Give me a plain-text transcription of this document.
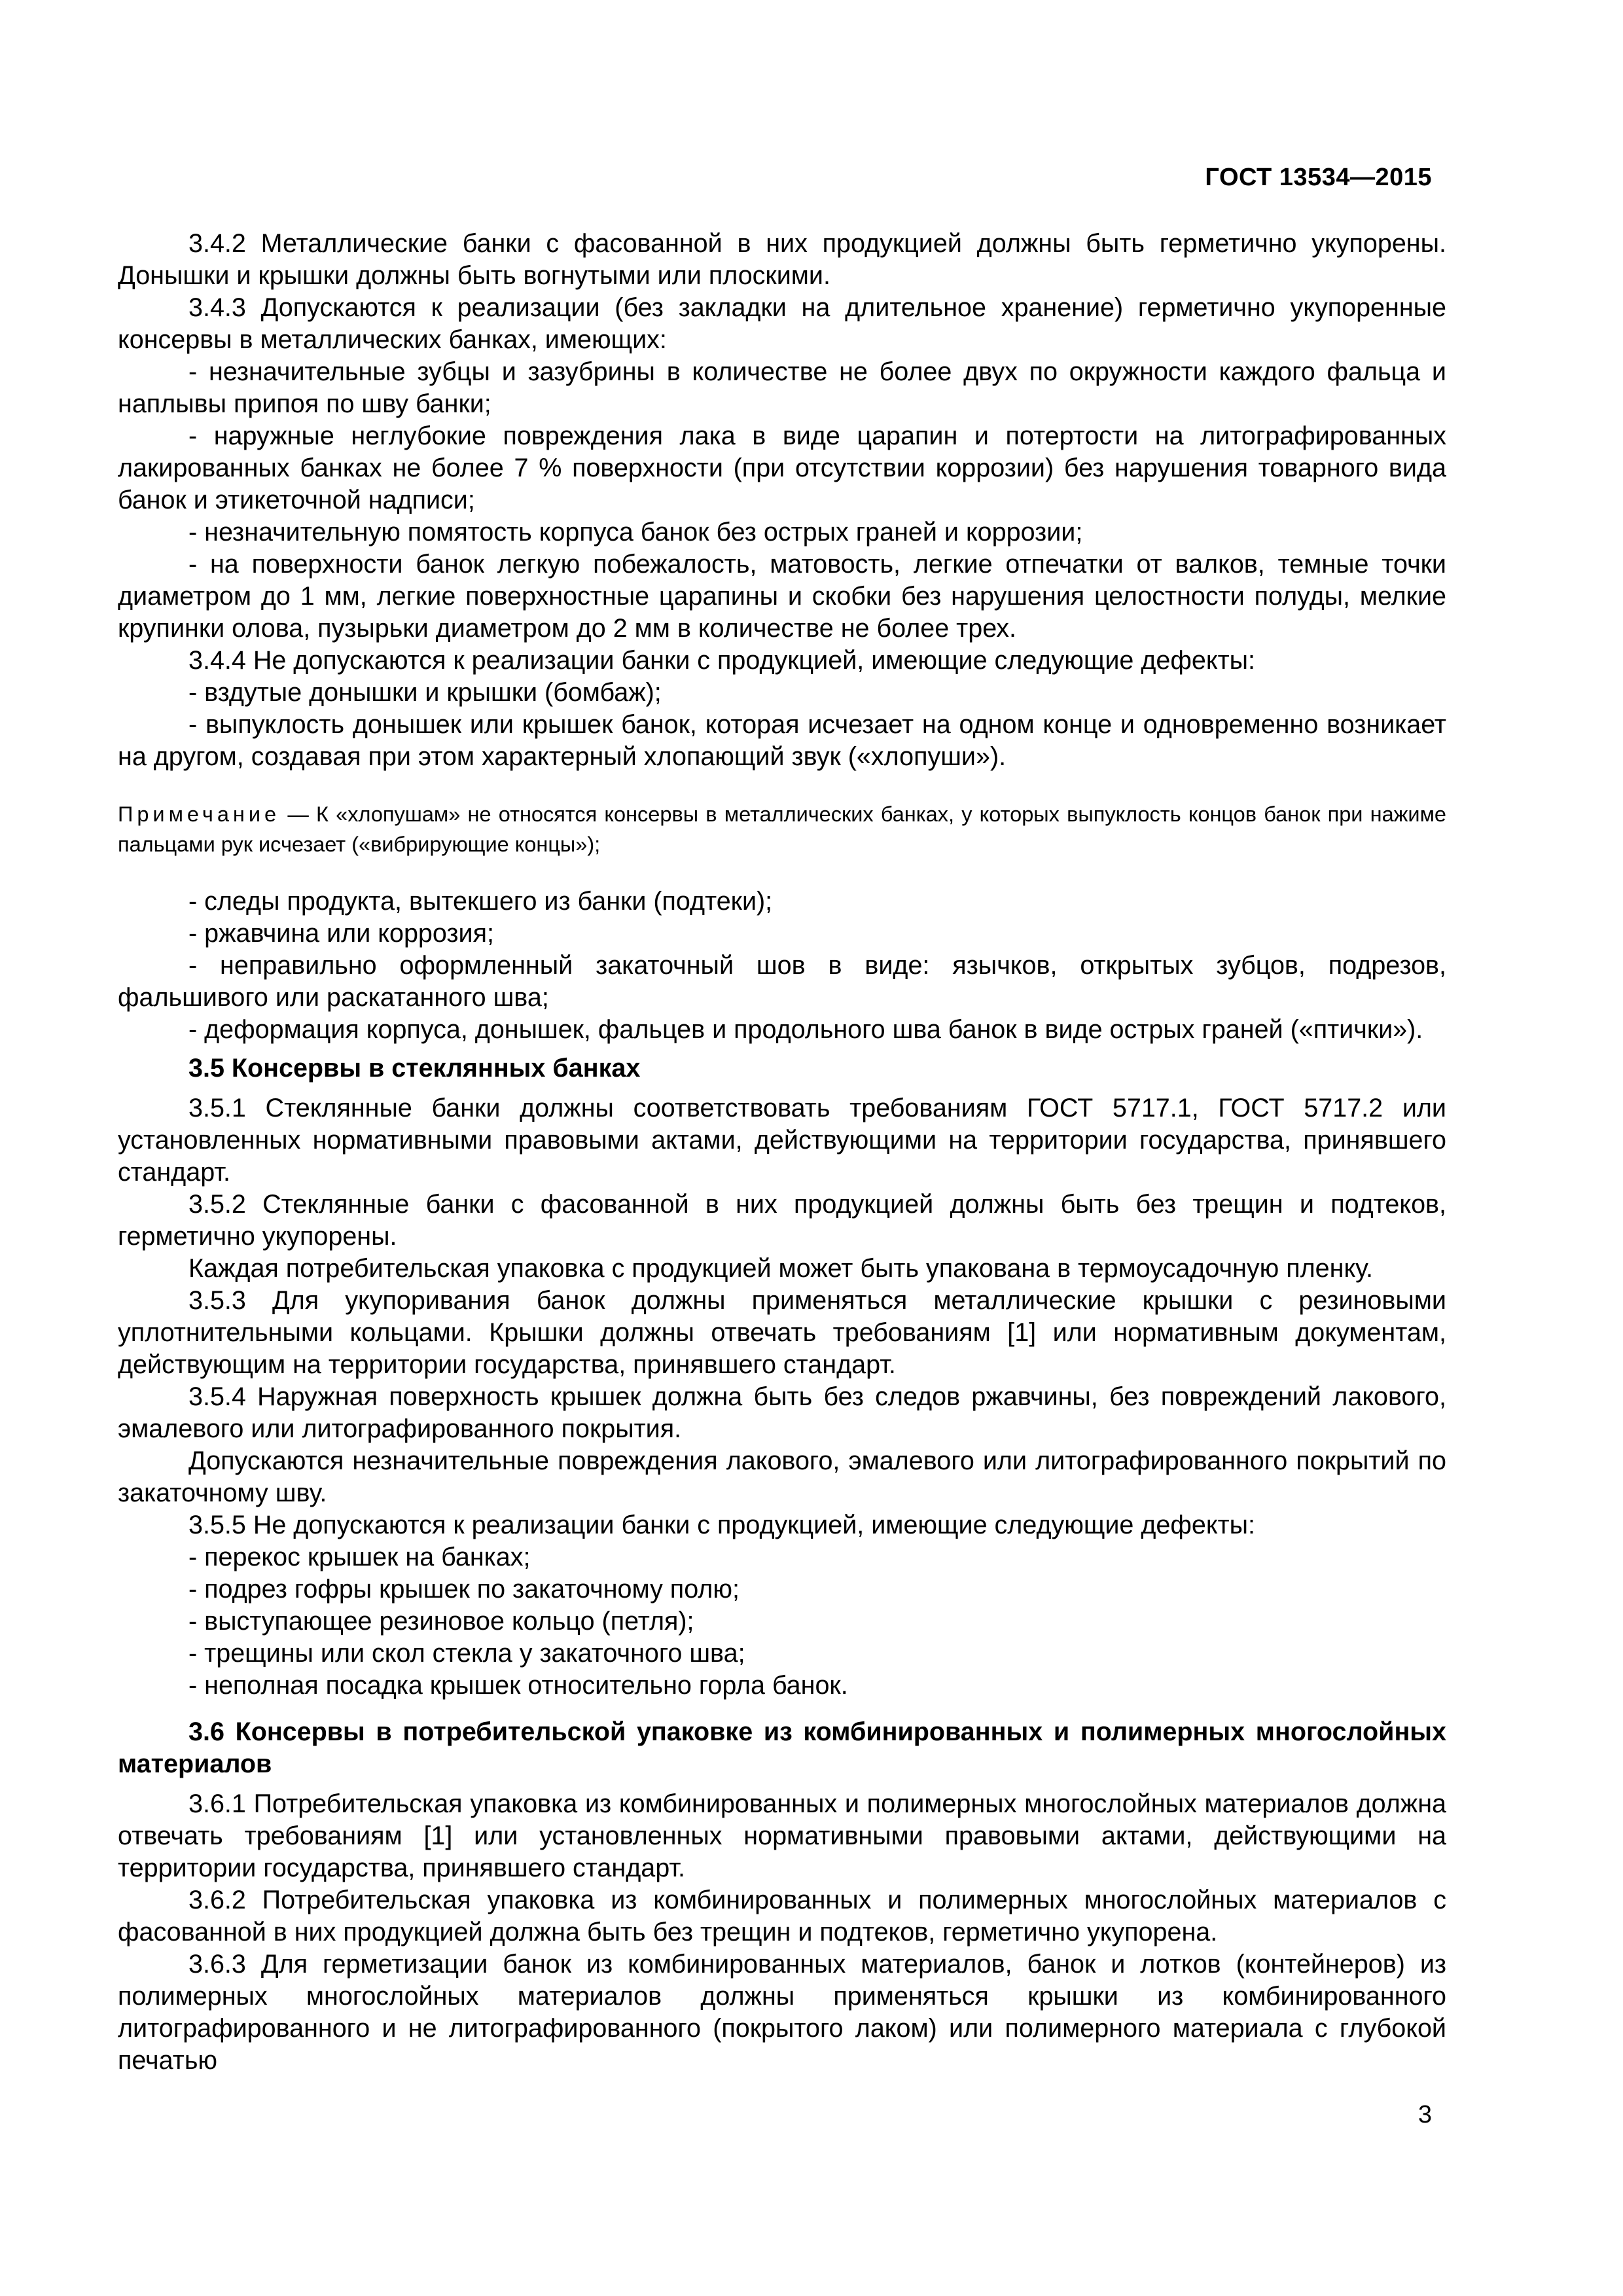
ГОСТ 13534—2015

3.4.2 Металлические банки с фасованной в них продукцией должны быть герметично укупорены. Донышки и крышки должны быть вогнутыми или плоскими.

3.4.3 Допускаются к реализации (без закладки на длительное хранение) герметично укупоренные консервы в металлических банках, имеющих:

- незначительные зубцы и зазубрины в количестве не более двух по окружности каждого фальца и наплывы припоя по шву банки;

- наружные неглубокие повреждения лака в виде царапин и потертости на литографированных лакированных банках не более 7 % поверхности (при отсутствии коррозии) без нарушения товарного вида банок и этикеточной надписи;

- незначительную помятость корпуса банок без острых граней и коррозии;

- на поверхности банок легкую побежалость, матовость, легкие отпечатки от валков, темные точки диаметром до 1 мм, легкие поверхностные царапины и скобки без нарушения целостности полуды, мелкие крупинки олова, пузырьки диаметром до 2 мм в количестве не более трех.

3.4.4 Не допускаются к реализации банки с продукцией, имеющие следующие дефекты:

- вздутые донышки и крышки (бомбаж);

- выпуклость донышек или крышек банок, которая исчезает на одном конце и одновременно возникает на другом, создавая при этом характерный хлопающий звук («хлопуши»).

Примечание — К «хлопушам» не относятся консервы в металлических банках, у которых выпуклость концов банок при нажиме пальцами рук исчезает («вибрирующие концы»);

- следы продукта, вытекшего из банки (подтеки);

- ржавчина или коррозия;

- неправильно оформленный закаточный шов в виде: язычков, открытых зубцов, подрезов, фальшивого или раскатанного шва;

- деформация корпуса, донышек, фальцев и продольного шва банок в виде острых граней («птички»).

3.5 Консервы в стеклянных банках

3.5.1 Стеклянные банки должны соответствовать требованиям ГОСТ 5717.1, ГОСТ 5717.2 или установленных нормативными правовыми актами, действующими на территории государства, принявшего стандарт.

3.5.2 Стеклянные банки с фасованной в них продукцией должны быть без трещин и подтеков, герметично укупорены.

Каждая потребительская упаковка с продукцией может быть упакована в термоусадочную пленку.

3.5.3 Для укупоривания банок должны применяться металлические крышки с резиновыми уплотнительными кольцами. Крышки должны отвечать требованиям [1] или нормативным документам, действующим на территории государства, принявшего стандарт.

3.5.4 Наружная поверхность крышек должна быть без следов ржавчины, без повреждений лакового, эмалевого или литографированного покрытия.

Допускаются незначительные повреждения лакового, эмалевого или литографированного покрытий по закаточному шву.

3.5.5 Не допускаются к реализации банки с продукцией, имеющие следующие дефекты:

- перекос крышек на банках;

- подрез гофры крышек по закаточному полю;

- выступающее резиновое кольцо (петля);

- трещины или скол стекла у закаточного шва;

- неполная посадка крышек относительно горла банок.

3.6 Консервы в потребительской упаковке из комбинированных и полимерных многослойных материалов

3.6.1 Потребительская упаковка из комбинированных и полимерных многослойных материалов должна отвечать требованиям [1] или установленных нормативными правовыми актами, действующими на территории государства, принявшего стандарт.

3.6.2 Потребительская упаковка из комбинированных и полимерных многослойных материалов с фасованной в них продукцией должна быть без трещин и подтеков, герметично укупорена.

3.6.3 Для герметизации банок из комбинированных материалов, банок и лотков (контейнеров) из полимерных многослойных материалов должны применяться крышки из комбинированного литографированного и не литографированного (покрытого лаком) или полимерного материала с глубокой печатью

3
